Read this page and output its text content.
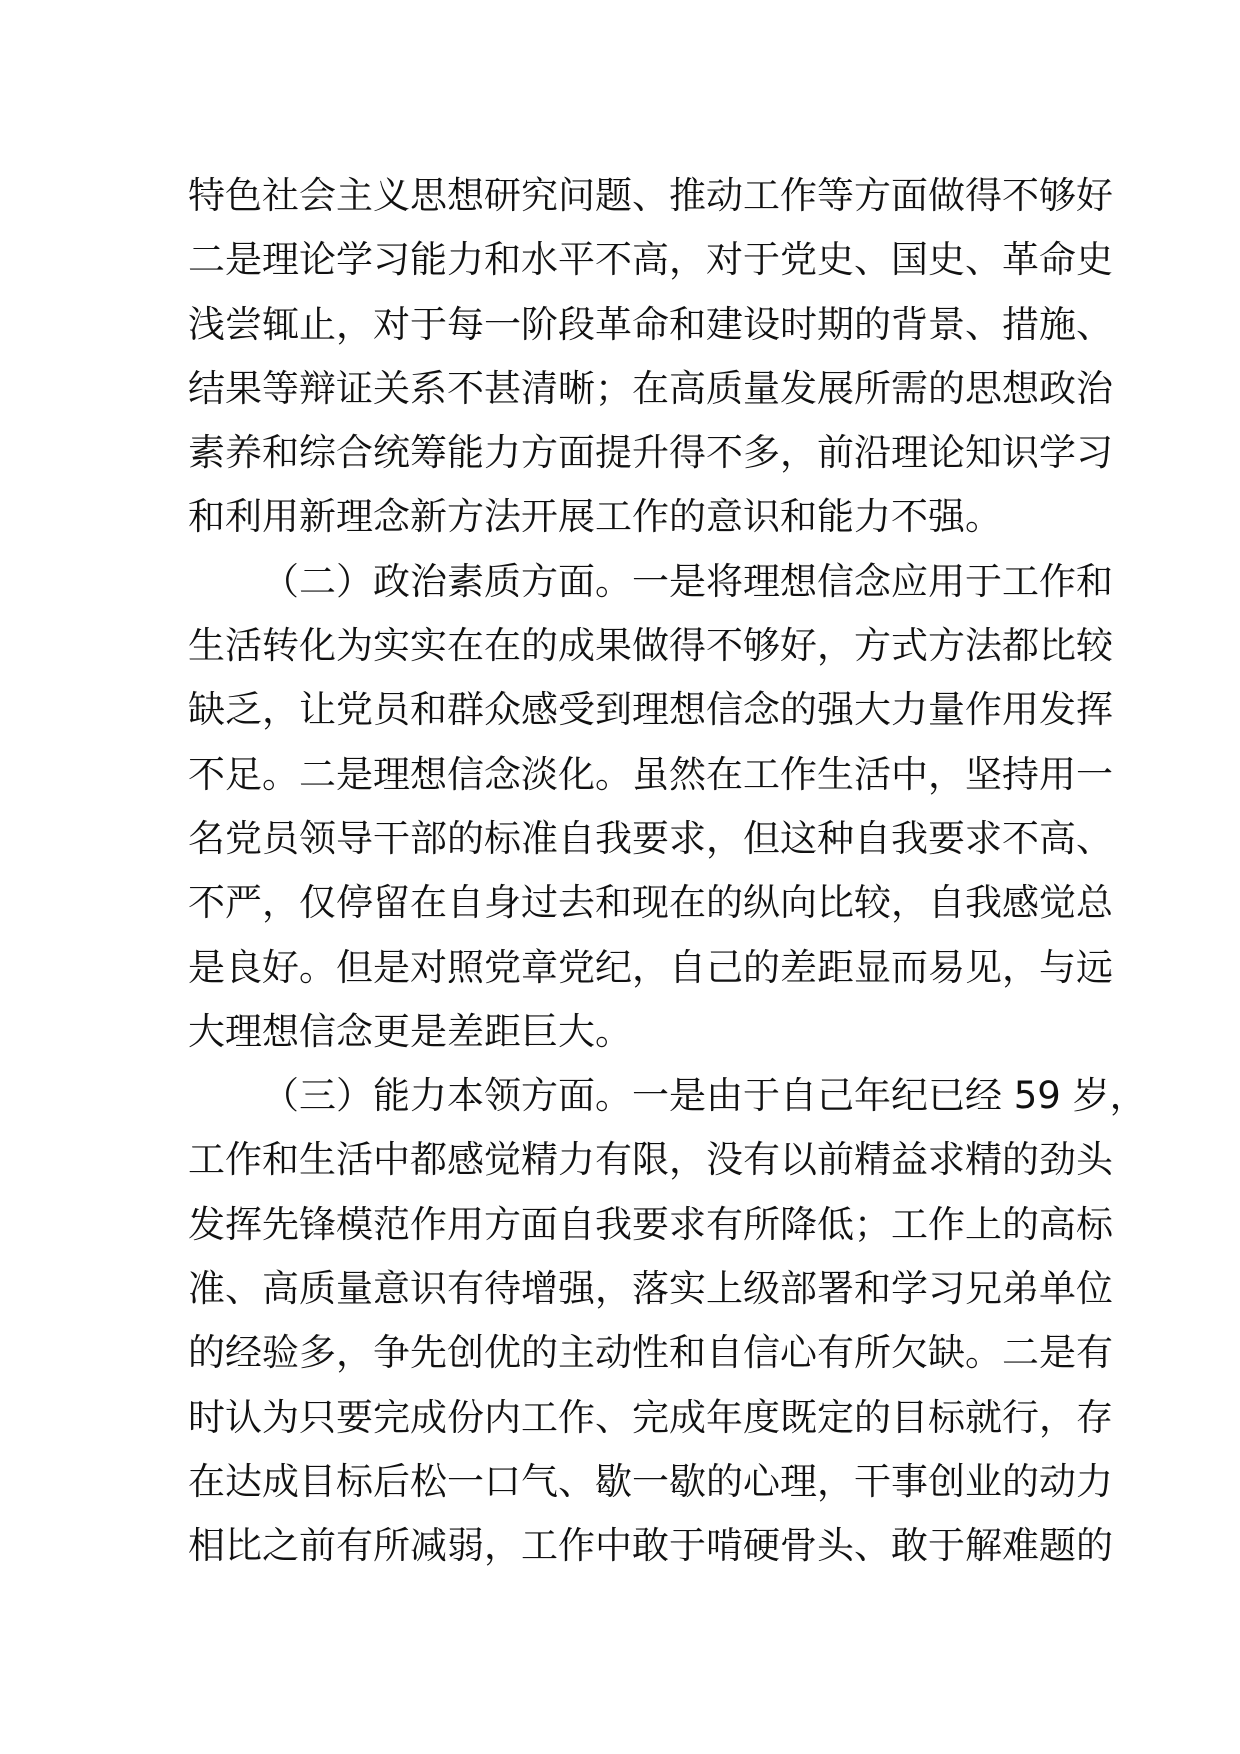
特色社会主义思想研究问题、推动工作等方面做得不够好
二是理论学习能力和水平不高，对于党史、国史、革命史
浅尝辄止，对于每一阶段革命和建设时期的背景、措施、
结果等辩证关系不甚清晰；在高质量发展所需的思想政治
素养和综合统筹能力方面提升得不多，前沿理论知识学习
和利用新理念新方法开展工作的意识和能力不强。
（二）政治素质方面。一是将理想信念应用于工作和
生活转化为实实在在的成果做得不够好，方式方法都比较
缺乏，让党员和群众感受到理想信念的强大力量作用发挥
不足。二是理想信念淡化。虽然在工作生活中，坚持用一
名党员领导干部的标准自我要求，但这种自我要求不高、
不严，仅停留在自身过去和现在的纵向比较，自我感觉总
是良好。但是对照党章党纪，自己的差距显而易见，与远
大理想信念更是差距巨大。
（三）能力本领方面。一是由于自己年纪已经 59 岁，
工作和生活中都感觉精力有限，没有以前精益求精的劲头
发挥先锋模范作用方面自我要求有所降低；工作上的高标
准、高质量意识有待增强，落实上级部署和学习兄弟单位
的经验多，争先创优的主动性和自信心有所欠缺。二是有
时认为只要完成份内工作、完成年度既定的目标就行，存
在达成目标后松一口气、歇一歇的心理，干事创业的动力
相比之前有所减弱，工作中敢于啃硬骨头、敢于解难题的
